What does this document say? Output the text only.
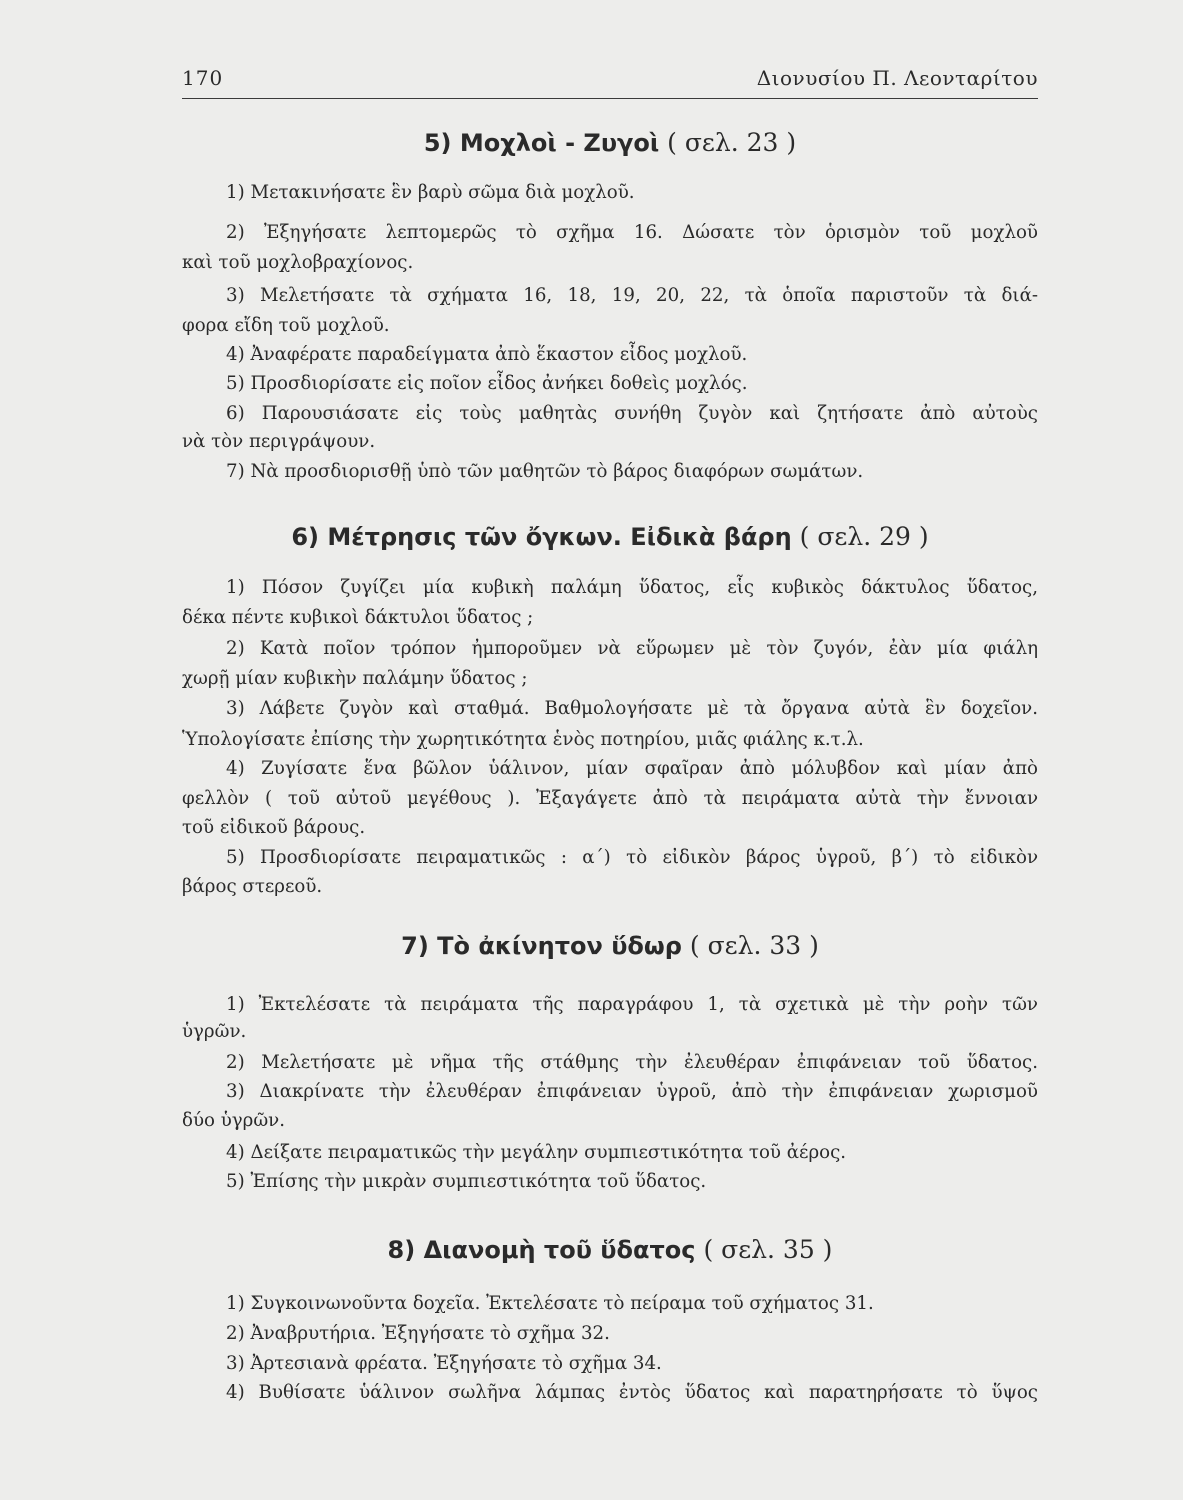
170	Διονυσίου Π. Λεονταρίτου
5) Μοχλοὶ - Ζυγοὶ ( σελ. 23 )
1) Μετακινήσατε ἓν βαρὺ σῶμα διὰ μοχλοῦ.
2) Ἐξηγήσατε λεπτομερῶς τὸ σχῆμα 16. Δώσατε τὸν ὁρισμὸν τοῦ μοχλοῦ
καὶ τοῦ μοχλοβραχίονος.
3) Μελετήσατε τὰ σχήματα 16, 18, 19, 20, 22, τὰ ὁποῖα παριστοῦν τὰ διά-
φορα εἴδη τοῦ μοχλοῦ.
4) Ἀναφέρατε παραδείγματα ἀπὸ ἕκαστον εἶδος μοχλοῦ.
5) Προσδιορίσατε εἰς ποῖον εἶδος ἀνήκει δοθεὶς μοχλός.
6) Παρουσιάσατε εἰς τοὺς μαθητὰς συνήθη ζυγὸν καὶ ζητήσατε ἀπὸ αὐτοὺς
νὰ τὸν περιγράψουν.
7) Νὰ προσδιορισθῇ ὑπὸ τῶν μαθητῶν τὸ βάρος διαφόρων σωμάτων.
6) Μέτρησις τῶν ὄγκων. Εἰδικὰ βάρη ( σελ. 29 )
1) Πόσον ζυγίζει μία κυβικὴ παλάμη ὕδατος, εἷς κυβικὸς δάκτυλος ὕδατος,
δέκα πέντε κυβικοὶ δάκτυλοι ὕδατος ;
2) Κατὰ ποῖον τρόπον ἠμποροῦμεν νὰ εὕρωμεν μὲ τὸν ζυγόν, ἐὰν μία φιάλη
χωρῇ μίαν κυβικὴν παλάμην ὕδατος ;
3) Λάβετε ζυγὸν καὶ σταθμά. Βαθμολογήσατε μὲ τὰ ὄργανα αὐτὰ ἓν δοχεῖον.
Ὑπολογίσατε ἐπίσης τὴν χωρητικότητα ἑνὸς ποτηρίου, μιᾶς φιάλης κ.τ.λ.
4) Ζυγίσατε ἕνα βῶλον ὑάλινον, μίαν σφαῖραν ἀπὸ μόλυβδον καὶ μίαν ἀπὸ
φελλὸν ( τοῦ αὐτοῦ μεγέθους ). Ἐξαγάγετε ἀπὸ τὰ πειράματα αὐτὰ τὴν ἔννοιαν
τοῦ εἰδικοῦ βάρους.
5) Προσδιορίσατε πειραματικῶς : α΄) τὸ εἰδικὸν βάρος ὑγροῦ, β΄) τὸ εἰδικὸν
βάρος στερεοῦ.
7) Τὸ ἀκίνητον ὕδωρ ( σελ. 33 )
1) Ἐκτελέσατε τὰ πειράματα τῆς παραγράφου 1, τὰ σχετικὰ μὲ τὴν ροὴν τῶν
ὑγρῶν.
2) Μελετήσατε μὲ νῆμα τῆς στάθμης τὴν ἐλευθέραν ἐπιφάνειαν τοῦ ὕδατος.
3) Διακρίνατε τὴν ἐλευθέραν ἐπιφάνειαν ὑγροῦ, ἀπὸ τὴν ἐπιφάνειαν χωρισμοῦ
δύο ὑγρῶν.
4) Δείξατε πειραματικῶς τὴν μεγάλην συμπιεστικότητα τοῦ ἀέρος.
5) Ἐπίσης τὴν μικρὰν συμπιεστικότητα τοῦ ὕδατος.
8) Διανομὴ τοῦ ὕδατος ( σελ. 35 )
1) Συγκοινωνοῦντα δοχεῖα. Ἐκτελέσατε τὸ πείραμα τοῦ σχήματος 31.
2) Ἀναβρυτήρια. Ἐξηγήσατε τὸ σχῆμα 32.
3) Ἀρτεσιανὰ φρέατα. Ἐξηγήσατε τὸ σχῆμα 34.
4) Βυθίσατε ὑάλινον σωλῆνα λάμπας ἐντὸς ὕδατος καὶ παρατηρήσατε τὸ ὕψος
